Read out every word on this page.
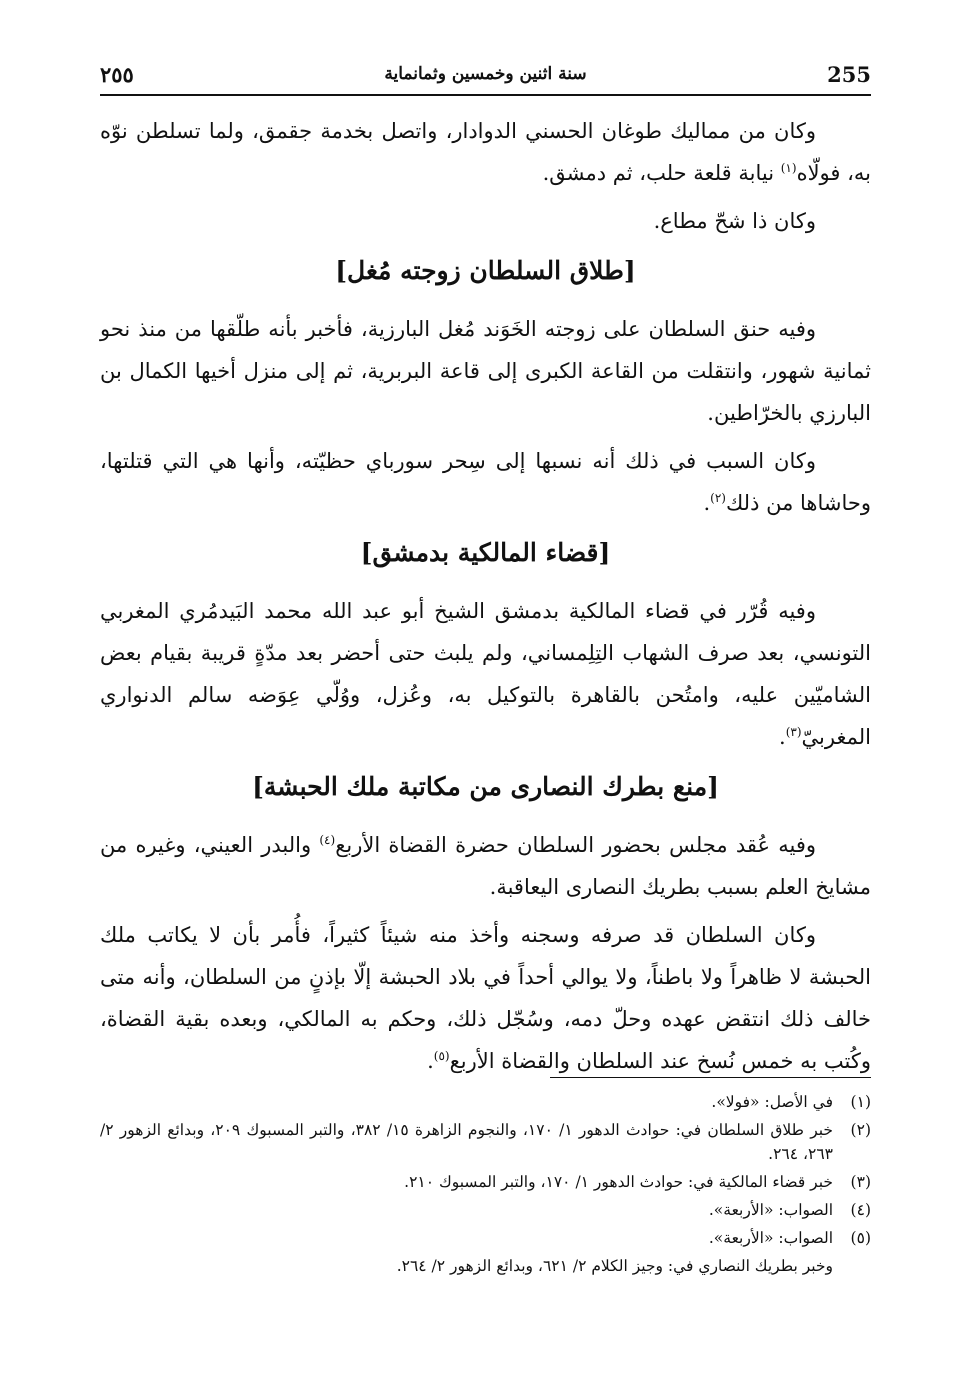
٢٥٥	سنة اثنين وخمسين وثمانماية	255

وكان من مماليك طوغان الحسني الدوادار، واتصل بخدمة جقمق، ولما تسلطن نوّه به، فولّاه$^{(١)}$ نيابة قلعة حلب، ثم دمشق.

وكان ذا شحّ مطاع.

[طلاق السلطان زوجته مُغل]

وفيه حنق السلطان على زوجته الخَوَند مُغل البارزية، فأخبر بأنه طلّقها من منذ نحو ثمانية شهور، وانتقلت من القاعة الكبرى إلى قاعة البربرية، ثم إلى منزل أخيها الكمال بن البارزي بالخرّاطين.

وكان السبب في ذلك أنه نسبها إلى سِحر سورباي حظيّته، وأنها هي التي قتلتها، وحاشاها من ذلك$^{(٢)}$.

[قضاء المالكية بدمشق]

وفيه قُرّر في قضاء المالكية بدمشق الشيخ أبو عبد الله محمد البَيدمُري المغربي التونسي، بعد صرف الشهاب التِلِمساني، ولم يلبث حتى أحضر بعد مدّةٍ قريبة بقيام بعض الشاميّين عليه، وامتُحن بالقاهرة بالتوكيل به، وعُزل، ووُلّي عِوَضه سالم الدنواري المغربيّ$^{(٣)}$.

[منع بطرك النصارى من مكاتبة ملك الحبشة]

وفيه عُقد مجلس بحضور السلطان حضرة القضاة الأربع$^{(٤)}$ والبدر العيني، وغيره من مشايخ العلم بسبب بطريك النصارى اليعاقبة.

وكان السلطان قد صرفه وسجنه وأخذ منه شيئاً كثيراً، فأُمر بأن لا يكاتب ملك الحبشة لا ظاهراً ولا باطناً، ولا يوالي أحداً في بلاد الحبشة إلّا بإذنٍ من السلطان، وأنه متى خالف ذلك انتقض عهده وحلّ دمه، وسُجّل ذلك، وحكم به المالكي، وبعده بقية القضاة، وكُتب به خمس نُسخ عند السلطان والقضاة الأربع$^{(٥)}$.

(١)
في الأصل: «فولا».
(٢)
خبر طلاق السلطان في: حوادث الدهور ١/ ١٧٠، والنجوم الزاهرة ١٥/ ٣٨٢، والتبر المسبوك ٢٠٩، وبدائع الزهور ٢/ ٢٦٣، ٢٦٤.
(٣)
خبر قضاء المالكية في: حوادث الدهور ١/ ١٧٠، والتبر المسبوك ٢١٠.
(٤)
الصواب: «الأربعة».
(٥)
الصواب: «الأربعة».
وخبر بطريك النصاري في: وجيز الكلام ٢/ ٦٢١، وبدائع الزهور ٢/ ٢٦٤.
